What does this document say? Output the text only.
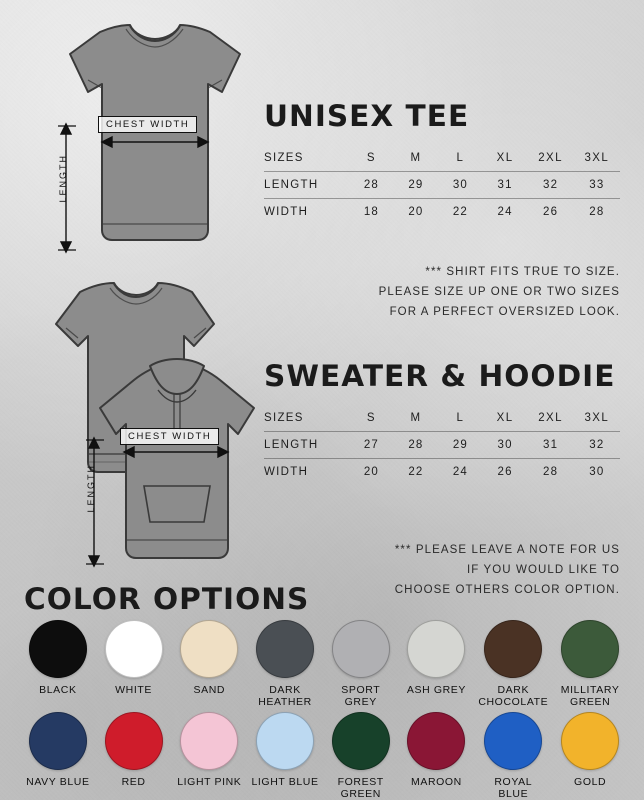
CHEST WIDTH
LENGTH
CHEST WIDTH
LENGTH
UNISEX TEE
SIZES	S	M	L	XL	2XL	3XL
LENGTH	28	29	30	31	32	33
WIDTH	18	20	22	24	26	28
*** SHIRT FITS TRUE TO SIZE.
PLEASE SIZE UP ONE OR TWO SIZES
FOR A PERFECT OVERSIZED LOOK.
SWEATER & HOODIE
SIZES	S	M	L	XL	2XL	3XL
LENGTH	27	28	29	30	31	32
WIDTH	20	22	24	26	28	30
*** PLEASE LEAVE A NOTE FOR US
IF YOU WOULD LIKE TO
CHOOSE OTHERS COLOR OPTION.
COLOR OPTIONS
BLACK	WHITE	SAND	DARK HEATHER
SPORT GREY
ASH GREY	DARK CHOCOLATE
MILLITARY GREEN
NAVY BLUE	RED	LIGHT PINK LIGHT BLUE	FOREST GREEN
MAROON	ROYAL BLUE
GOLD
